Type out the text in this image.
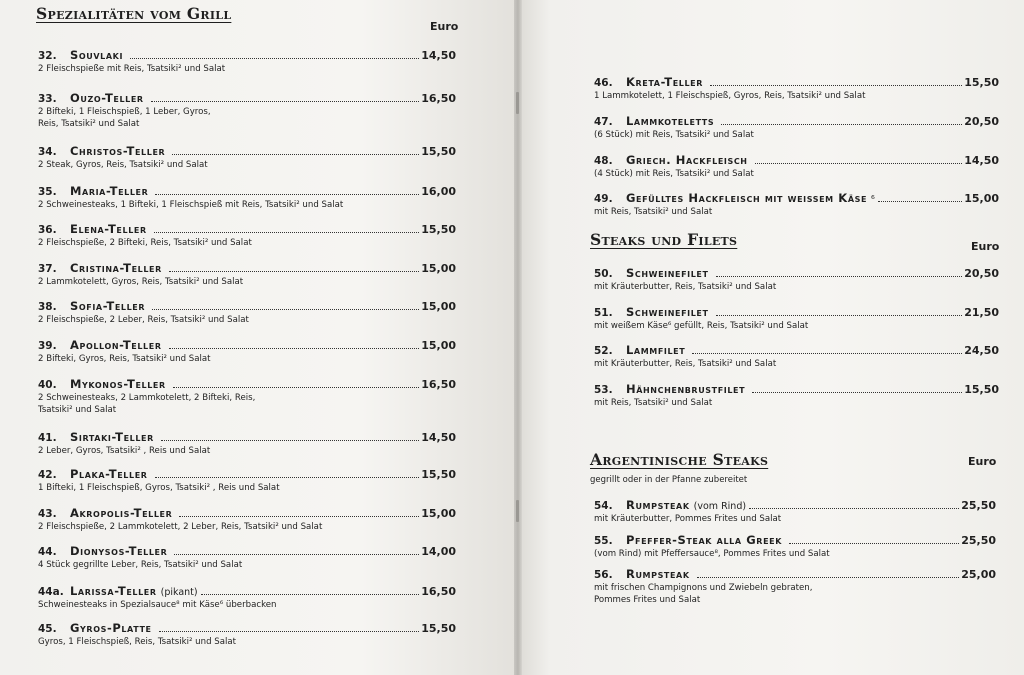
Spezialitäten vom Grill
Euro
32.	Souvlaki	14,50
2 Fleischspieße mit Reis, Tsatsiki² und Salat
33.	Ouzo-Teller	16,50
2 Bifteki, 1 Fleischspieß, 1 Leber, Gyros,
Reis, Tsatsiki² und Salat
34.	Christos-Teller	15,50
2 Steak, Gyros, Reis, Tsatsiki² und Salat
35.	Maria-Teller	16,00
2 Schweinesteaks, 1 Bifteki, 1 Fleischspieß mit Reis, Tsatsiki² und Salat
36.	Elena-Teller	15,50
2 Fleischspieße, 2 Bifteki, Reis, Tsatsiki² und Salat
37.	Cristina-Teller	15,00
2 Lammkotelett, Gyros, Reis, Tsatsiki² und Salat
38.	Sofia-Teller	15,00
2 Fleischspieße, 2 Leber, Reis, Tsatsiki² und Salat
39.	Apollon-Teller	15,00
2 Bifteki, Gyros, Reis, Tsatsiki² und Salat
40.	Mykonos-Teller	16,50
2 Schweinesteaks, 2 Lammkotelett, 2 Bifteki, Reis,
Tsatsiki² und Salat
41.	Sirtaki-Teller	14,50
2 Leber, Gyros, Tsatsiki² , Reis und Salat
42.	Plaka-Teller	15,50
1 Bifteki, 1 Fleischspieß, Gyros, Tsatsiki² , Reis und Salat
43.	Akropolis-Teller	15,00
2 Fleischspieße, 2 Lammkotelett, 2 Leber, Reis, Tsatsiki² und Salat
44.	Dionysos-Teller	14,00
4 Stück gegrillte Leber, Reis, Tsatsiki² und Salat
44a. Larissa-Teller (pikant)	16,50
Schweinesteaks in Spezialsauce⁸ mit Käse⁶ überbacken
45.	Gyros-Platte	15,50
Gyros, 1 Fleischspieß, Reis, Tsatsiki² und Salat
46.	Kreta-Teller	15,50
1 Lammkotelett, 1 Fleischspieß, Gyros, Reis, Tsatsiki² und Salat
47.	Lammkoteletts	20,50
(6 Stück) mit Reis, Tsatsiki² und Salat
48.	Griech. Hackfleisch	14,50
(4 Stück) mit Reis, Tsatsiki² und Salat
49.	Gefülltes Hackfleisch mit weissem Käse ⁶	15,00
mit Reis, Tsatsiki² und Salat
Steaks und Filets	Euro
50.	Schweinefilet	20,50
mit Kräuterbutter, Reis, Tsatsiki² und Salat
51.	Schweinefilet	21,50
mit weißem Käse⁶ gefüllt, Reis, Tsatsiki² und Salat
52.	Lammfilet	24,50
mit Kräuterbutter, Reis, Tsatsiki² und Salat
53.	Hähnchenbrustfilet	15,50
mit Reis, Tsatsiki² und Salat
Argentinische Steaks	Euro
gegrillt oder in der Pfanne zubereitet
54.	Rumpsteak (vom Rind)	25,50
mit Kräuterbutter, Pommes Frites und Salat
55.	Pfeffer-Steak alla Greek	25,50
(vom Rind) mit Pfeffersauce⁸, Pommes Frites und Salat
56.	Rumpsteak	25,00
mit frischen Champignons und Zwiebeln gebraten,
Pommes Frites und Salat
